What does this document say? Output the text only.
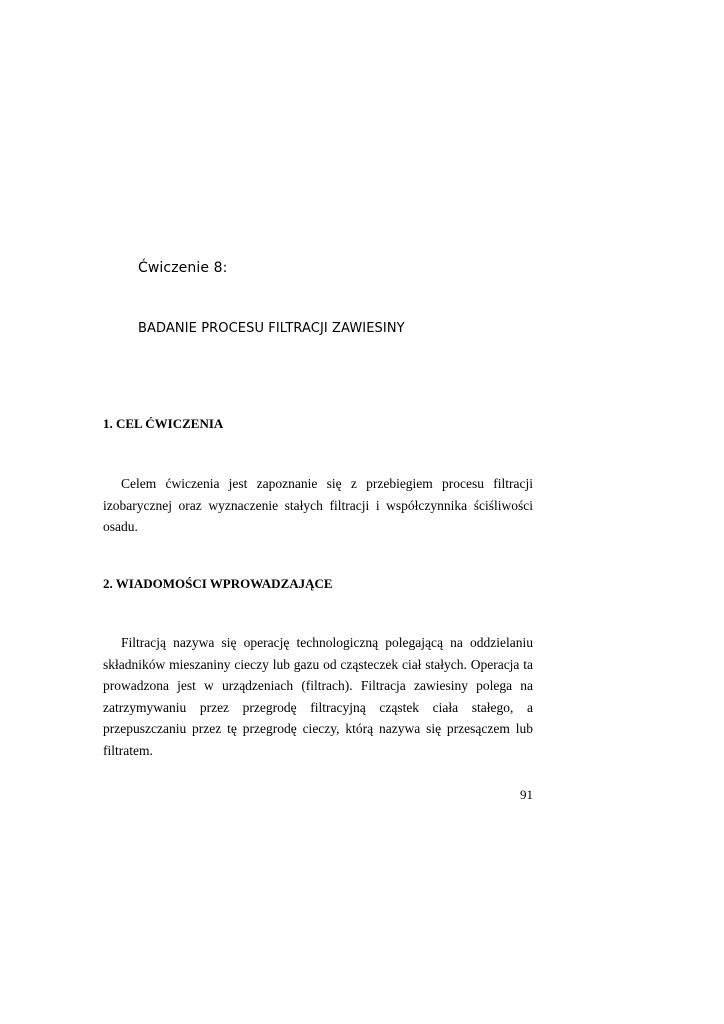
Ćwiczenie 8:
BADANIE PROCESU FILTRACJI ZAWIESINY
1. CEL ĆWICZENIA

Celem ćwiczenia jest zapoznanie się z przebiegiem procesu filtracji izobarycznej oraz wyznaczenie stałych filtracji i współczynnika ściśliwości osadu.

2. WIADOMOŚCI WPROWADZAJĄCE

Filtracją nazywa się operację technologiczną polegającą na oddzielaniu składników mieszaniny cieczy lub gazu od cząsteczek ciał stałych. Operacja ta prowadzona jest w urządzeniach (filtrach). Filtracja zawiesiny polega na zatrzymywaniu przez przegrodę filtracyjną cząstek ciała stałego, a przepuszczaniu przez tę przegrodę cieczy, którą nazywa się przesączem lub filtratem.

91
